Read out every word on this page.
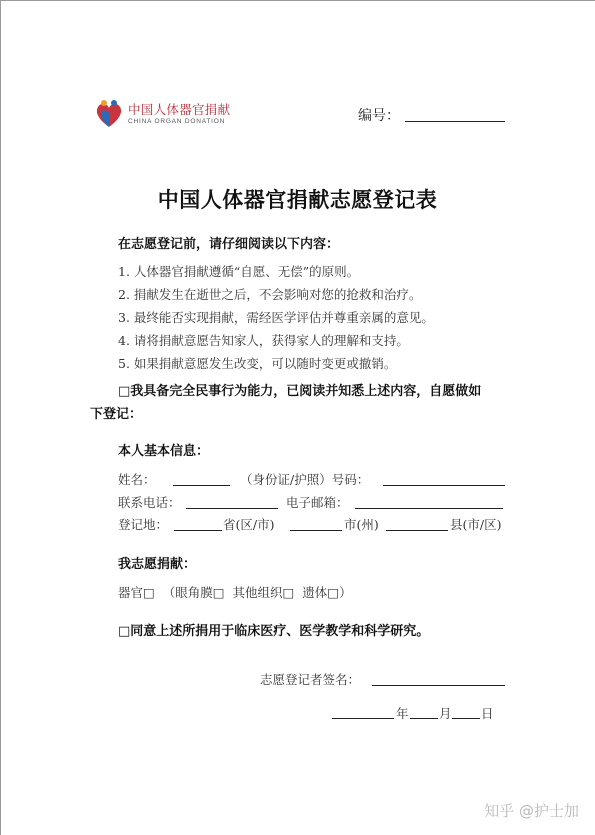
中国人体器官捐献
CHINA ORGAN DONATION	编号：
中国人体器官捐献志愿登记表
在志愿登记前，请仔细阅读以下内容：
1. 人体器官捐献遵循“自愿、无偿”的原则。
2. 捐献发生在逝世之后，不会影响对您的抢救和治疗。
3. 最终能否实现捐献，需经医学评估并尊重亲属的意见。
4. 请将捐献意愿告知家人，获得家人的理解和支持。
5. 如果捐献意愿发生改变，可以随时变更或撤销。
□我具备完全民事行为能力，已阅读并知悉上述内容，自愿做如
下登记：
本人基本信息：
姓名：	（身份证/护照）号码：
联系电话：	电子邮箱：
登记地：	省(区/市)	市(州)	县(市/区)
我志愿捐献：
器官□  （眼角膜□  其他组织□  遗体□）
□同意上述所捐用于临床医疗、医学教学和科学研究。
志愿登记者签名：
年 月 日
知乎 @护士加
